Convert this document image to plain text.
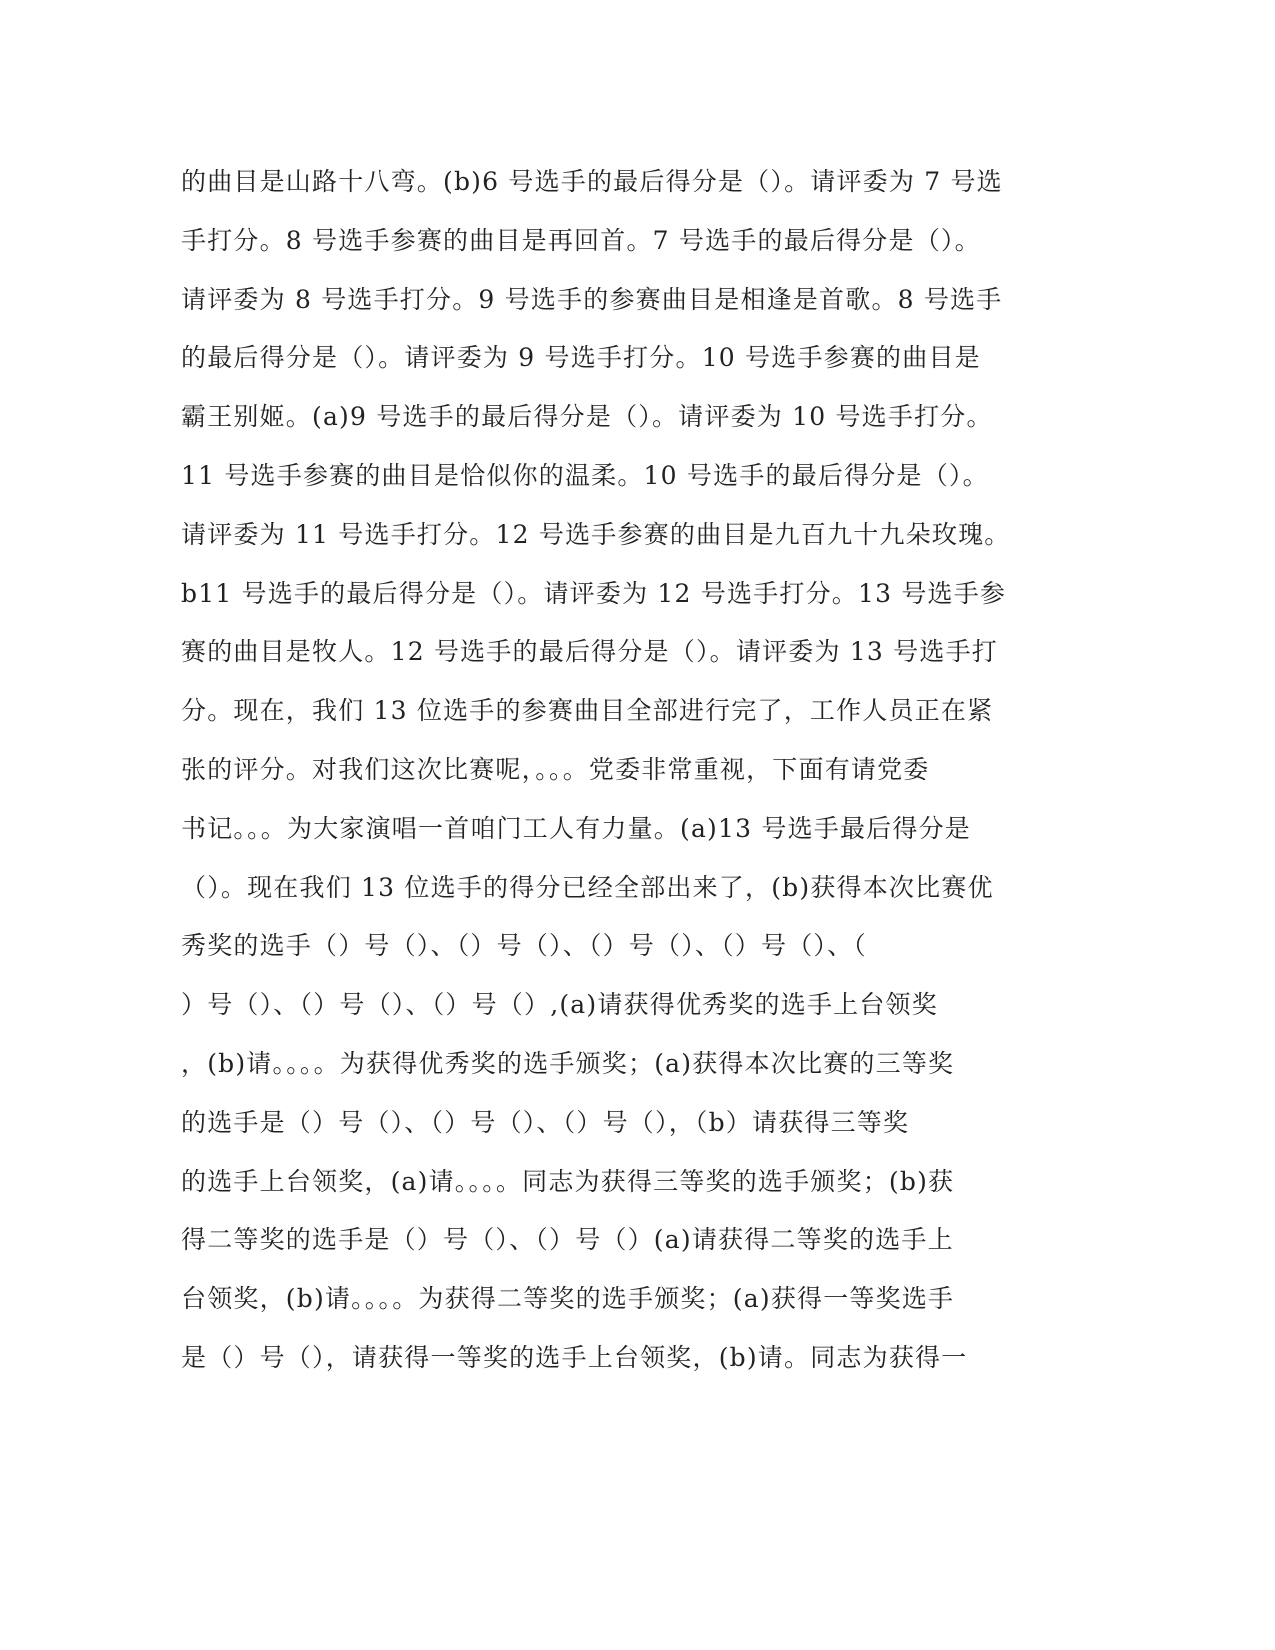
的曲目是山路十八弯。(b)6 号选手的最后得分是（）。请评委为 7 号选
手打分。8 号选手参赛的曲目是再回首。7 号选手的最后得分是（）。
请评委为 8 号选手打分。9 号选手的参赛曲目是相逢是首歌。8 号选手
的最后得分是（）。请评委为 9 号选手打分。10 号选手参赛的曲目是
霸王别姬。(a)9 号选手的最后得分是（）。请评委为 10 号选手打分。
11 号选手参赛的曲目是恰似你的温柔。10 号选手的最后得分是（）。
请评委为 11 号选手打分。12 号选手参赛的曲目是九百九十九朵玫瑰。
b11 号选手的最后得分是（）。请评委为 12 号选手打分。13 号选手参
赛的曲目是牧人。12 号选手的最后得分是（）。请评委为 13 号选手打
分。现在，我们 13 位选手的参赛曲目全部进行完了，工作人员正在紧
张的评分。对我们这次比赛呢，。。。党委非常重视，下面有请党委
书记。。。为大家演唱一首咱门工人有力量。(a)13 号选手最后得分是
（）。现在我们 13 位选手的得分已经全部出来了，(b)获得本次比赛优
秀奖的选手（）号（）、（）号（）、（）号（）、（）号（）、（
）号（）、（）号（）、（）号（）,(a)请获得优秀奖的选手上台领奖
，(b)请。。。。为获得优秀奖的选手颁奖；(a)获得本次比赛的三等奖
的选手是（）号（）、（）号（）、（）号（），（b）请获得三等奖
的选手上台领奖，(a)请。。。。同志为获得三等奖的选手颁奖；(b)获
得二等奖的选手是（）号（）、（）号（）(a)请获得二等奖的选手上
台领奖，(b)请。。。。为获得二等奖的选手颁奖；(a)获得一等奖选手
是（）号（），请获得一等奖的选手上台领奖，(b)请。同志为获得一
